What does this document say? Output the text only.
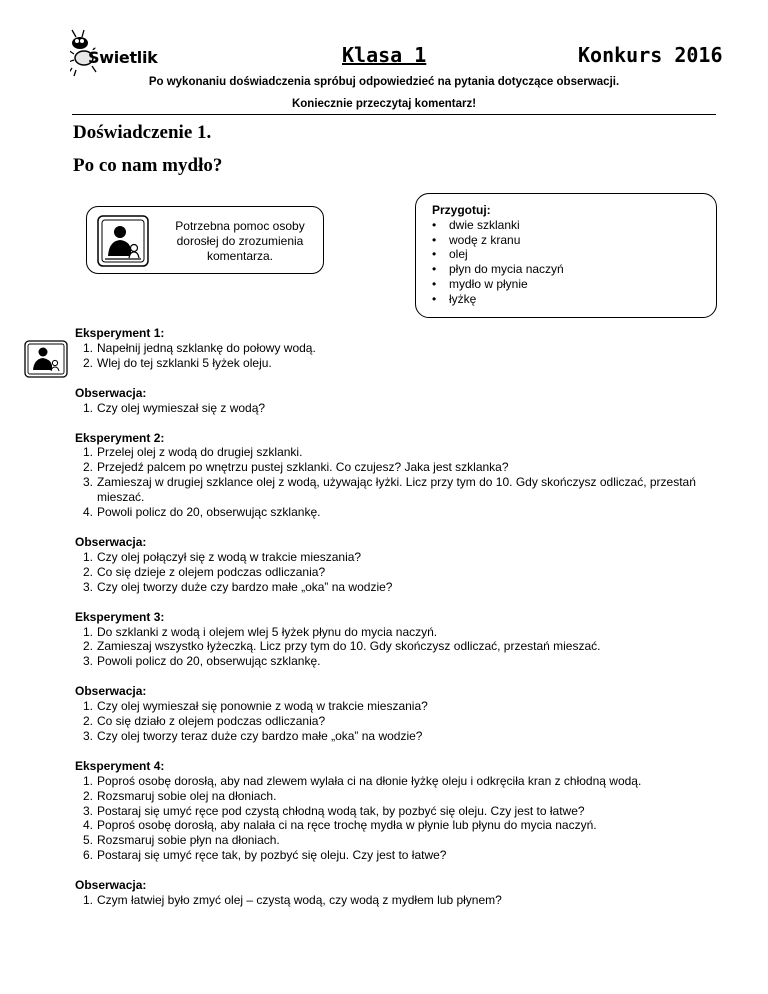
Świetlik	Klasa 1	Konkurs 2016
Po wykonaniu doświadczenia spróbuj odpowiedzieć na pytania dotyczące obserwacji.
Koniecznie przeczytaj komentarz!
Doświadczenie 1.
Po co nam mydło?
Potrzebna pomoc osoby dorosłej do zrozumienia komentarza.
Przygotuj:
• dwie szklanki
• wodę z kranu
• olej
• płyn do mycia naczyń
• mydło w płynie
• łyżkę
Eksperyment 1:
1. Napełnij jedną szklankę do połowy wodą.
2. Wlej do tej szklanki 5 łyżek oleju.
Obserwacja:
1. Czy olej wymieszał się z wodą?
Eksperyment 2:
1. Przelej olej z wodą do drugiej szklanki.
2. Przejedź palcem po wnętrzu pustej szklanki. Co czujesz? Jaka jest szklanka?
3. Zamieszaj w drugiej szklance olej z wodą, używając łyżki. Licz przy tym do 10. Gdy skończysz odliczać, przestań mieszać.
4. Powoli policz do 20, obserwując szklankę.
Obserwacja:
1. Czy olej połączył się z wodą w trakcie mieszania?
2. Co się dzieje z olejem podczas odliczania?
3. Czy olej tworzy duże czy bardzo małe „oka” na wodzie?
Eksperyment 3:
1. Do szklanki z wodą i olejem wlej 5 łyżek płynu do mycia naczyń.
2. Zamieszaj wszystko łyżeczką. Licz przy tym do 10. Gdy skończysz odliczać, przestań mieszać.
3. Powoli policz do 20, obserwując szklankę.
Obserwacja:
1. Czy olej wymieszał się ponownie z wodą w trakcie mieszania?
2. Co się działo z olejem podczas odliczania?
3. Czy olej tworzy teraz duże czy bardzo małe „oka” na wodzie?
Eksperyment 4:
1. Poproś osobę dorosłą, aby nad zlewem wylała ci na dłonie łyżkę oleju i odkręciła kran z chłodną wodą.
2. Rozsmaruj sobie olej na dłoniach.
3. Postaraj się umyć ręce pod czystą chłodną wodą tak, by pozbyć się oleju. Czy jest to łatwe?
4. Poproś osobę dorosłą, aby nalała ci na ręce trochę mydła w płynie lub płynu do mycia naczyń.
5. Rozsmaruj sobie płyn na dłoniach.
6. Postaraj się umyć ręce tak, by pozbyć się oleju. Czy jest to łatwe?
Obserwacja:
1. Czym łatwiej było zmyć olej – czystą wodą, czy wodą z mydłem lub płynem?
